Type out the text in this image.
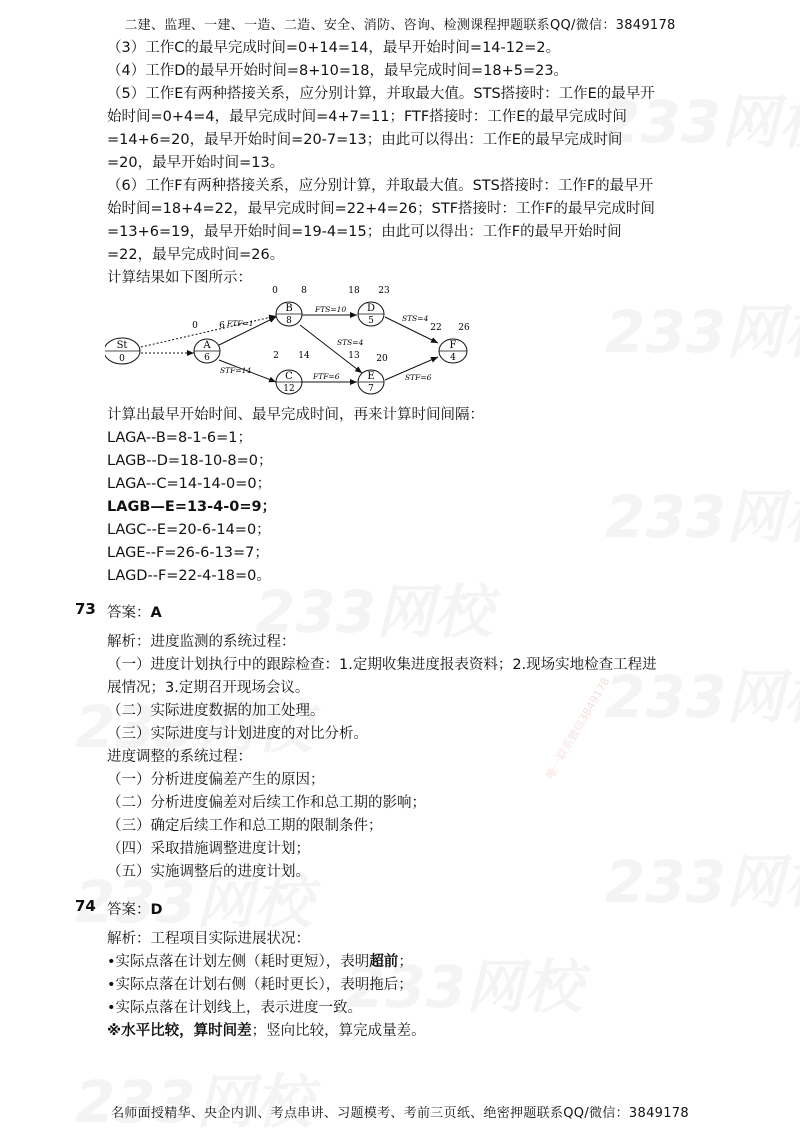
唯一联系微信3849178
二建、监理、一建、一造、二造、安全、消防、咨询、检测课程押题联系QQ/微信：3849178
（3）工作C的最早完成时间=0+14=14，最早开始时间=14-12=2。
（4）工作D的最早开始时间=8+10=18，最早完成时间=18+5=23。
（5）工作E有两种搭接关系，应分别计算，并取最大值。STS搭接时：工作E的最早开
始时间=0+4=4，最早完成时间=4+7=11；FTF搭接时：工作E的最早完成时间
=14+6=20，最早开始时间=20-7=13；由此可以得出：工作E的最早完成时间
=20，最早开始时间=13。
（6）工作F有两种搭接关系，应分别计算，并取最大值。STS搭接时：工作F的最早开
始时间=18+4=22，最早完成时间=22+4=26；STF搭接时：工作F的最早完成时间
=13+6=19，最早开始时间=19-4=15；由此可以得出：工作F的最早开始时间
=22，最早完成时间=26。
计算结果如下图所示：
FTF=1
FTS=10
STS=4
STS=4
STF=14
FTF=6	STF=6
St
0
A
6
0 6
B
8
0	8
C
12
2 14
D
5
18 23
E
7
13 20
F
4
22 26
计算出最早开始时间、最早完成时间，再来计算时间间隔：
LAGA--B=8-1-6=1；
LAGB--D=18-10-8=0；
LAGA--C=14-14-0=0；
LAGB—E=13-4-0=9；
LAGC--E=20-6-14=0；
LAGE--F=26-6-13=7；
LAGD--F=22-4-18=0。
73 答案：A
解析：进度监测的系统过程：
（一）进度计划执行中的跟踪检查：1.定期收集进度报表资料；2.现场实地检查工程进
展情况；3.定期召开现场会议。
（二）实际进度数据的加工处理。
（三）实际进度与计划进度的对比分析。
进度调整的系统过程：
（一）分析进度偏差产生的原因；
（二）分析进度偏差对后续工作和总工期的影响；
（三）确定后续工作和总工期的限制条件；
（四）采取措施调整进度计划；
（五）实施调整后的进度计划。
74 答案：D
解析：工程项目实际进展状况：
•实际点落在计划左侧（耗时更短），表明超前；
•实际点落在计划右侧（耗时更长），表明拖后；
•实际点落在计划线上，表示进度一致。
※水平比较，算时间差；竖向比较，算完成量差。
名师面授精华、央企内训、考点串讲、习题模考、考前三页纸、绝密押题联系QQ/微信：3849178
